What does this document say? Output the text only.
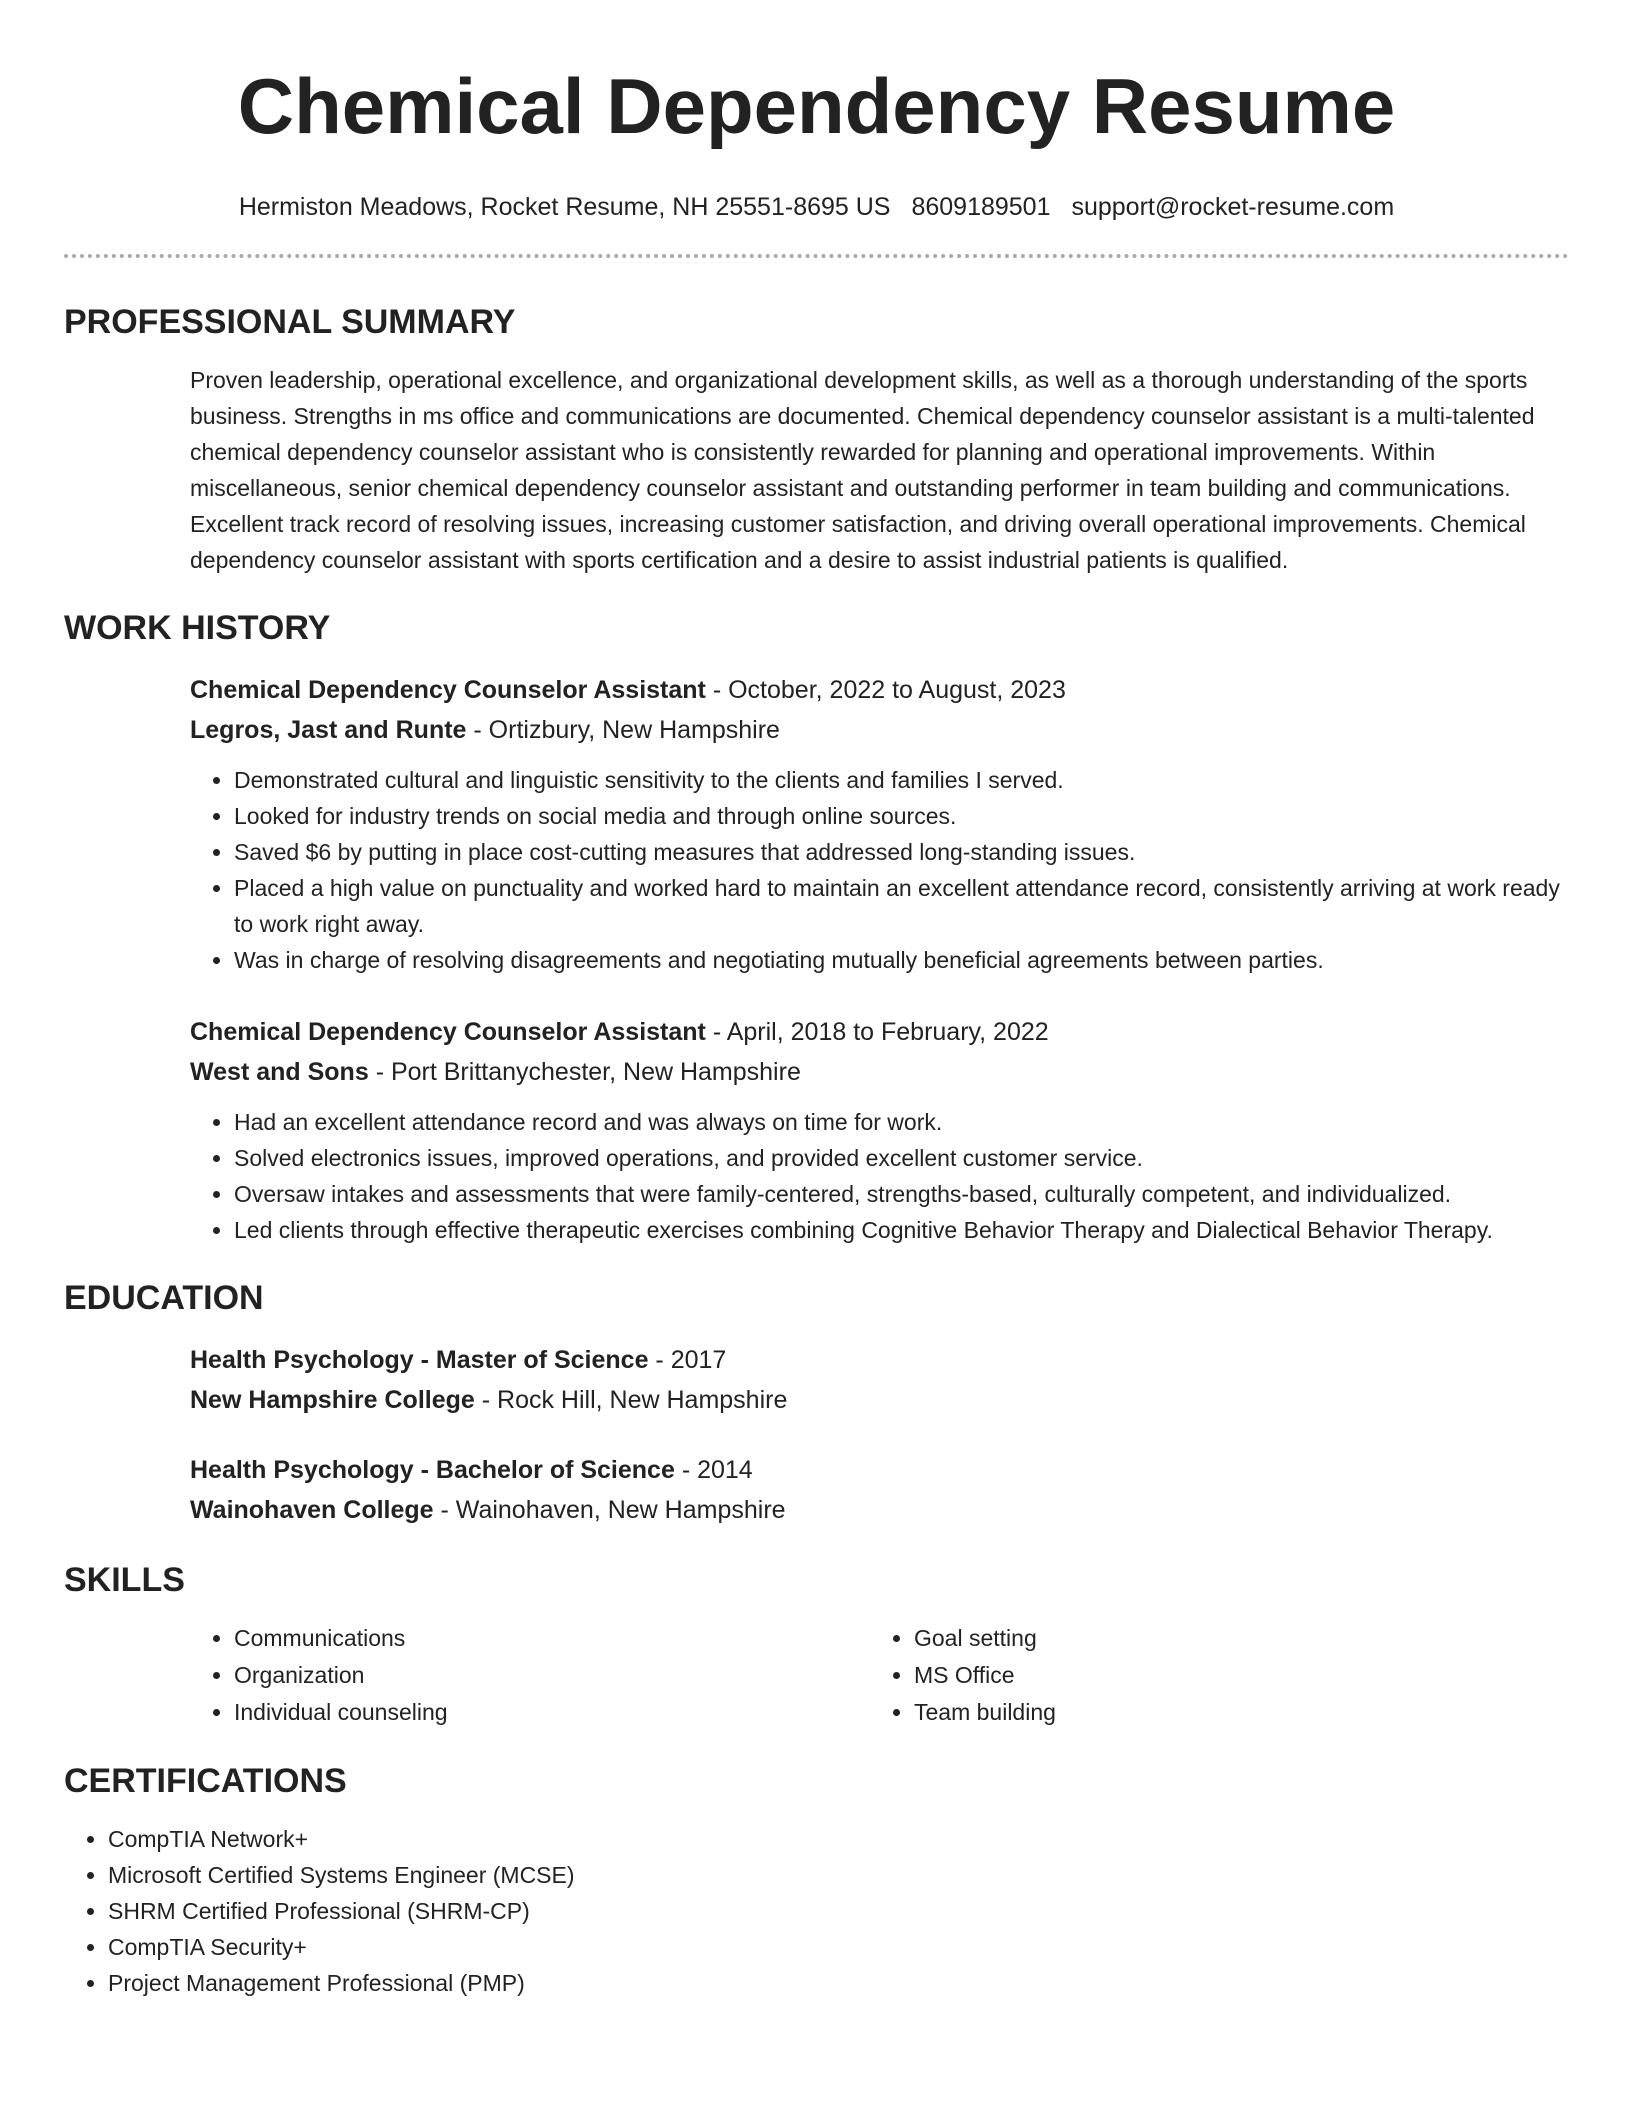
Chemical Dependency Resume
Hermiston Meadows, Rocket Resume, NH 25551-8695 US 8609189501 support@rocket-resume.com
PROFESSIONAL SUMMARY
Proven leadership, operational excellence, and organizational development skills, as well as a thorough understanding of the sports business. Strengths in ms office and communications are documented. Chemical dependency counselor assistant is a multi-talented chemical dependency counselor assistant who is consistently rewarded for planning and operational improvements. Within miscellaneous, senior chemical dependency counselor assistant and outstanding performer in team building and communications. Excellent track record of resolving issues, increasing customer satisfaction, and driving overall operational improvements. Chemical dependency counselor assistant with sports certification and a desire to assist industrial patients is qualified.
WORK HISTORY
Chemical Dependency Counselor Assistant - October, 2022 to August, 2023
Legros, Jast and Runte - Ortizbury, New Hampshire
• Demonstrated cultural and linguistic sensitivity to the clients and families I served.
• Looked for industry trends on social media and through online sources.
• Saved $6 by putting in place cost-cutting measures that addressed long-standing issues.
• Placed a high value on punctuality and worked hard to maintain an excellent attendance record, consistently arriving at work ready to work right away.
• Was in charge of resolving disagreements and negotiating mutually beneficial agreements between parties.
Chemical Dependency Counselor Assistant - April, 2018 to February, 2022
West and Sons - Port Brittanychester, New Hampshire
• Had an excellent attendance record and was always on time for work.
• Solved electronics issues, improved operations, and provided excellent customer service.
• Oversaw intakes and assessments that were family-centered, strengths-based, culturally competent, and individualized.
• Led clients through effective therapeutic exercises combining Cognitive Behavior Therapy and Dialectical Behavior Therapy.
EDUCATION
Health Psychology - Master of Science - 2017
New Hampshire College - Rock Hill, New Hampshire
Health Psychology - Bachelor of Science - 2014
Wainohaven College - Wainohaven, New Hampshire
SKILLS
• Communications
• Organization
• Individual counseling
• Goal setting
• MS Office
• Team building
CERTIFICATIONS
• CompTIA Network+
• Microsoft Certified Systems Engineer (MCSE)
• SHRM Certified Professional (SHRM-CP)
• CompTIA Security+
• Project Management Professional (PMP)
